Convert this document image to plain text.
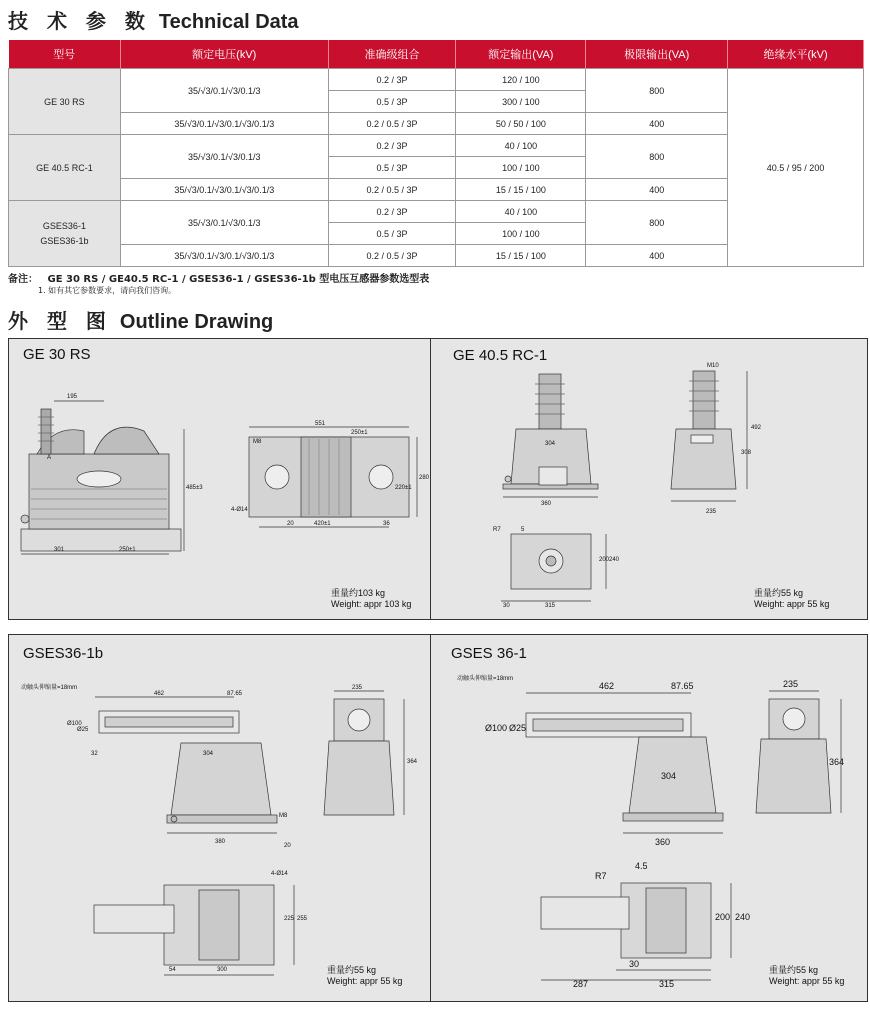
技 术 参 数 Technical Data
型号	额定电压(kV)	准确级组合	额定输出(VA)	极限输出(VA)	绝缘水平(kV)
GE 30 RS	35/√3/0.1/√3/0.1/3	0.2 / 3P	120 / 100	800	40.5 / 95 / 200
		0.5 / 3P	300 / 100		
	35/√3/0.1/√3/0.1/√3/0.1/3	0.2 / 0.5 / 3P	50 / 50 / 100	400	
GE 40.5 RC-1	35/√3/0.1/√3/0.1/3	0.2 / 3P	40 / 100	800	
		0.5 / 3P	100 / 100		
	35/√3/0.1/√3/0.1/√3/0.1/3	0.2 / 0.5 / 3P	15 / 15 / 100	400	

GSES36-1
GSES36-1b	35/√3/0.1/√3/0.1/3	0.2 / 3P	40 / 100	800	
		0.5 / 3P	100 / 100		
	35/√3/0.1/√3/0.1/√3/0.1/3	0.2 / 0.5 / 3P	15 / 15 / 100	400	
备注： GE 30 RS / GE40.5 RC-1 / GSES36-1 / GSES36-1b 型电压互感器参数选型表
1. 如有其它参数要求，请向我们咨询。
外 型 图 Outline Drawing
GE 30 RS
195
A
301	250±1
485±3
551
250±1
M8
4-Ø14
20	420±1	36
280
220±1
重量约103 kg
Weight: appr 103 kg
GE 40.5 RC-1
M10
304
360
235
492
308
R7	5
200 240
30	315
重量约55 kg
Weight: appr 55 kg
GSES36-1b
动触头伸缩量=18mm
462	87.65
Ø100
Ø25
32	304
M8
380
235
364
4-Ø14
255
225
54	300
20
重量约55 kg
Weight: appr 55 kg
GSES 36-1
动触头伸缩量=18mm
462	87.65
Ø100 Ø25
304
360
235
364
4.5
R7
200 240
30
287	315
重量约55 kg
Weight: appr 55 kg
